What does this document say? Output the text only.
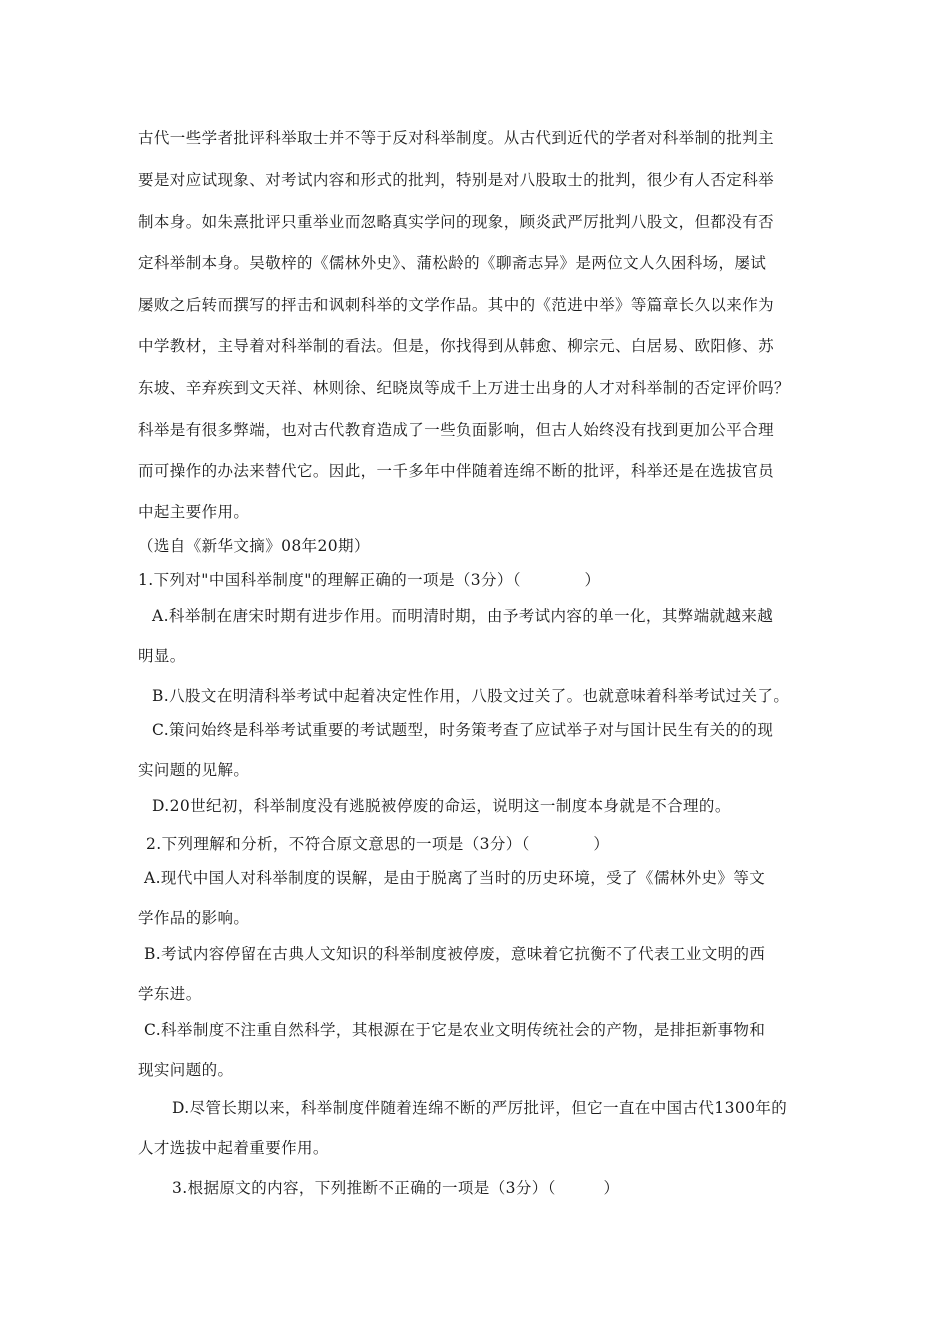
古代一些学者批评科举取士并不等于反对科举制度。从古代到近代的学者对科举制的批判主
要是对应试现象、对考试内容和形式的批判，特别是对八股取士的批判，很少有人否定科举
制本身。如朱熹批评只重举业而忽略真实学问的现象，顾炎武严厉批判八股文，但都没有否
定科举制本身。吴敬梓的《儒林外史》、蒲松龄的《聊斋志异》是两位文人久困科场，屡试
屡败之后转而撰写的抨击和讽刺科举的文学作品。其中的《范进中举》等篇章长久以来作为
中学教材，主导着对科举制的看法。但是，你找得到从韩愈、柳宗元、白居易、欧阳修、苏
东坡、辛弃疾到文天祥、林则徐、纪晓岚等成千上万进士出身的人才对科举制的否定评价吗？
科举是有很多弊端，也对古代教育造成了一些负面影响，但古人始终没有找到更加公平合理
而可操作的办法来替代它。因此，一千多年中伴随着连绵不断的批评，科举还是在选拔官员
中起主要作用。
（选自《新华文摘》08年20期）
1.下列对"中国科举制度"的理解正确的一项是（3分）（　　　　）
A.科举制在唐宋时期有进步作用。而明清时期，由予考试内容的单一化，其弊端就越来越
明显。
B.八股文在明清科举考试中起着决定性作用，八股文过关了。也就意味着科举考试过关了。
C.策问始终是科举考试重要的考试题型，时务策考查了应试举子对与国计民生有关的的现
实问题的见解。
D.20世纪初，科举制度没有逃脱被停废的命运，说明这一制度本身就是不合理的。
2.下列理解和分析，不符合原文意思的一项是（3分）（　　　　）
A.现代中国人对科举制度的误解，是由于脱离了当时的历史环境，受了《儒林外史》等文
学作品的影响。
B.考试内容停留在古典人文知识的科举制度被停废，意味着它抗衡不了代表工业文明的西
学东进。
C.科举制度不注重自然科学，其根源在于它是农业文明传统社会的产物，是排拒新事物和
现实问题的。
D.尽管长期以来，科举制度伴随着连绵不断的严厉批评，但它一直在中国古代1300年的
人才选拔中起着重要作用。
3.根据原文的内容，下列推断不正确的一项是（3分）（　　　）
